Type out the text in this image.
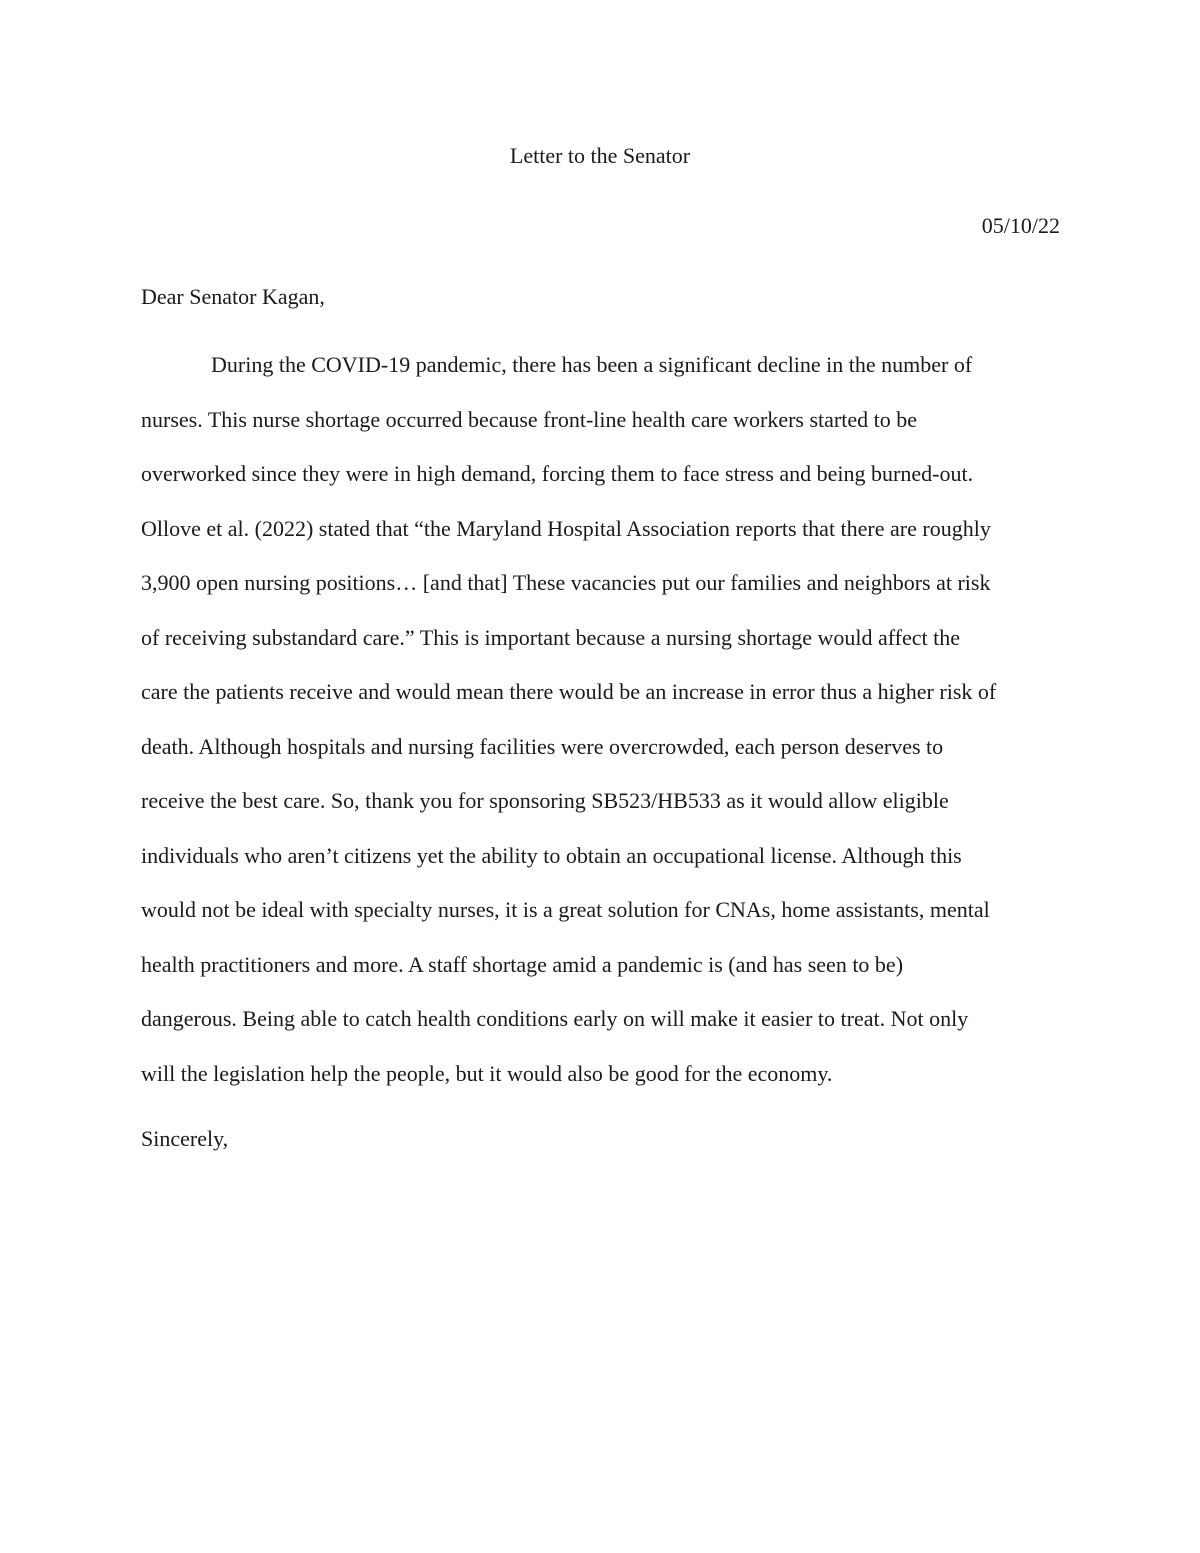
Letter to the Senator
05/10/22
Dear Senator Kagan,
During the COVID-19 pandemic, there has been a significant decline in the number of
nurses. This nurse shortage occurred because front-line health care workers started to be
overworked since they were in high demand, forcing them to face stress and being burned-out.
Ollove et al. (2022) stated that “the Maryland Hospital Association reports that there are roughly
3,900 open nursing positions… [and that] These vacancies put our families and neighbors at risk
of receiving substandard care.” This is important because a nursing shortage would affect the
care the patients receive and would mean there would be an increase in error thus a higher risk of
death. Although hospitals and nursing facilities were overcrowded, each person deserves to
receive the best care. So, thank you for sponsoring SB523/HB533 as it would allow eligible
individuals who aren’t citizens yet the ability to obtain an occupational license. Although this
would not be ideal with specialty nurses, it is a great solution for CNAs, home assistants, mental
health practitioners and more. A staff shortage amid a pandemic is (and has seen to be)
dangerous. Being able to catch health conditions early on will make it easier to treat. Not only
will the legislation help the people, but it would also be good for the economy.
Sincerely,
